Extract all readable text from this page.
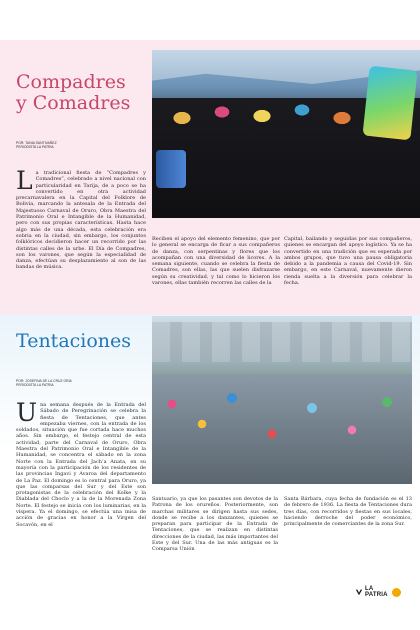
Compadres
y Comadres
POR: TANIA SANTIVAÑEZ
PERIODISTA LA PATRIA
La tradicional fiesta de “Compadres y Comadres”, celebrado a nivel nacional con particularidad en Tarija, de a poco se ha convertido en otra actividad precarnavalera en la Capital del Folklore de Bolivia, marcando la antesala de la Entrada del Majestuoso Carnaval de Oruro, Obra Maestra del Patrimonio Oral e Intangible de la Humanidad, pero con sus propias características. Hasta hace algo más de una década, esta celebración era sobria en la ciudad, sin embargo, los conjuntos folklóricos decidieron hacer un recorrido por las distintas calles de la urbe. El Día de Compadres, son los varones, que según la especialidad de danza, efectúan su desplazamiento al son de las bandas de música.
Reciben el apoyo del elemento femenino, que por lo general se encarga de ficar a sus compañeros de danza, con serpentinas y flores que los acompañan con una diversidad de licores. A la semana siguiente, cuando se celebra la fiesta de Comadres, son ellas, las que suelen disfrazarse según su creatividad, y tal como lo hicieron los varones, ellas también recorren las calles de la
Capital, bailando y seguidas por sus compañeros, quienes se encargan del apoyo logístico. Ya se ha convertido en una tradición que es esperada por ambos grupos, que tuvo una pausa obligatoria debido a la pandemia a causa del Covid-19. Sin embargo, en este Carnaval, nuevamente dieron rienda suelta a la diversión para celebrar la fecha.
Tentaciones
POR: JOSEFINA DE LA CRUZ ORIA
PERIODISTA LA PATRIA
Una semana después de la Entrada del Sábado de Peregrinación se celebra la fiesta de Tentaciones, que antes empezaba viernes, con la entrada de los soldados, situación que fue cortada hace muchos años. Sin embargo, el festejo central de esta actividad, parte del Carnaval de Oruro, Obra Maestra del Patrimonio Oral e Intangible de la Humanidad, se concentra el sábado en la zona Norte con la Entrada del Jach’a Anata, en su mayoría con la participación de los residentes de las provincias Ingavi y Avaroa del departamento de La Paz. El domingo es lo central para Oruro, ya que las comparsas del Sur y del Este son protagonistas de la celebración del Kolke y la Diablada del Choclo y a la de la Morenada Zona Norte. El festejo se inicia con los luminarias, en la víspera. Ya el domingo, se efectúa una misa de acción de gracias en honor a la Virgen del Socavón, en el
Santuario, ya que los pasantes son devotos de la Patrona de los orureños. Posteriormente, son marchas militares se dirigen hasta sus sedes, donde se recibe a los danzantes, quienes se preparan para participar de la Entrada de Tentaciones, que se realizan en distintas direcciones de la ciudad, las más importantes del Este y del Sur. Una de las más antiguas es la Comparsa Unión
Santa Bárbara, cuya fecha de fundación es el 13 de febrero de 1936. La fiesta de Tentaciones dura tres días, con recorridos y fiestas en sus locales, haciendo derroche del poder económico, principalmente de comerciantes de la zona Sur.
LA
PATRIA
